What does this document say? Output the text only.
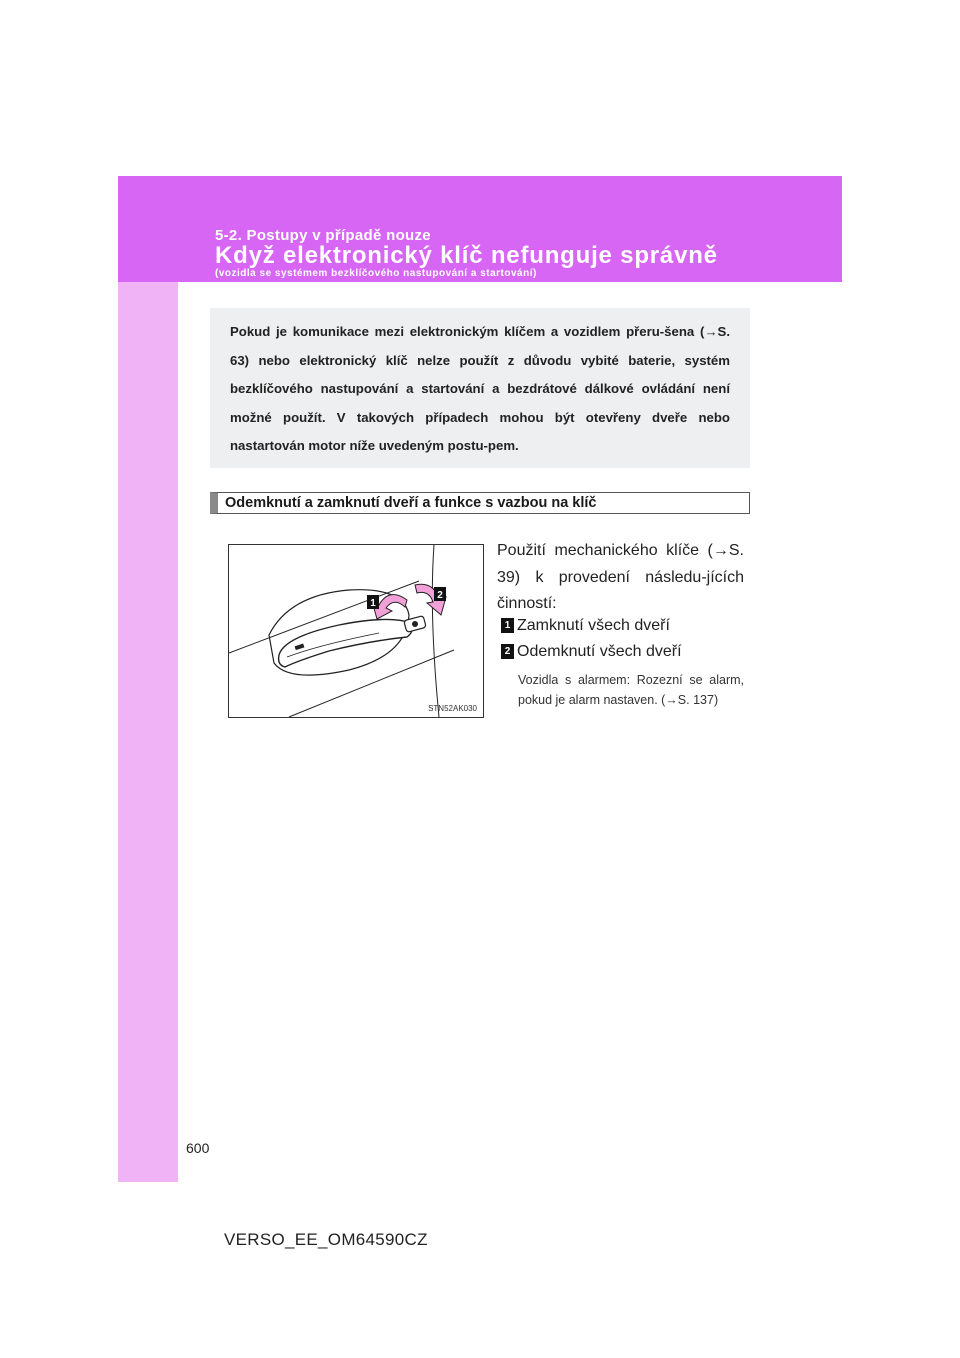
5-2. Postupy v případě nouze
Když elektronický klíč nefunguje správně
(vozidla se systémem bezklíčového nastupování a startování)

Pokud je komunikace mezi elektronickým klíčem a vozidlem přeru-šena (→S. 63) nebo elektronický klíč nelze použít z důvodu vybité baterie, systém bezklíčového nastupování a startování a bezdrátové dálkové ovládání není možné použít. V takových případech mohou být otevřeny dveře nebo nastartován motor níže uvedeným postu-pem.

Odemknutí a zamknutí dveří a funkce s vazbou na klíč
1
2
STN52AK030

Použití mechanického klíče (→S. 39) k provedení následu-jících činností:

1 Zamknutí všech dveří
2 Odemknutí všech dveří

Vozidla s alarmem: Rozezní se alarm, pokud je alarm nastaven. (→S. 137)

600
VERSO_EE_OM64590CZ
